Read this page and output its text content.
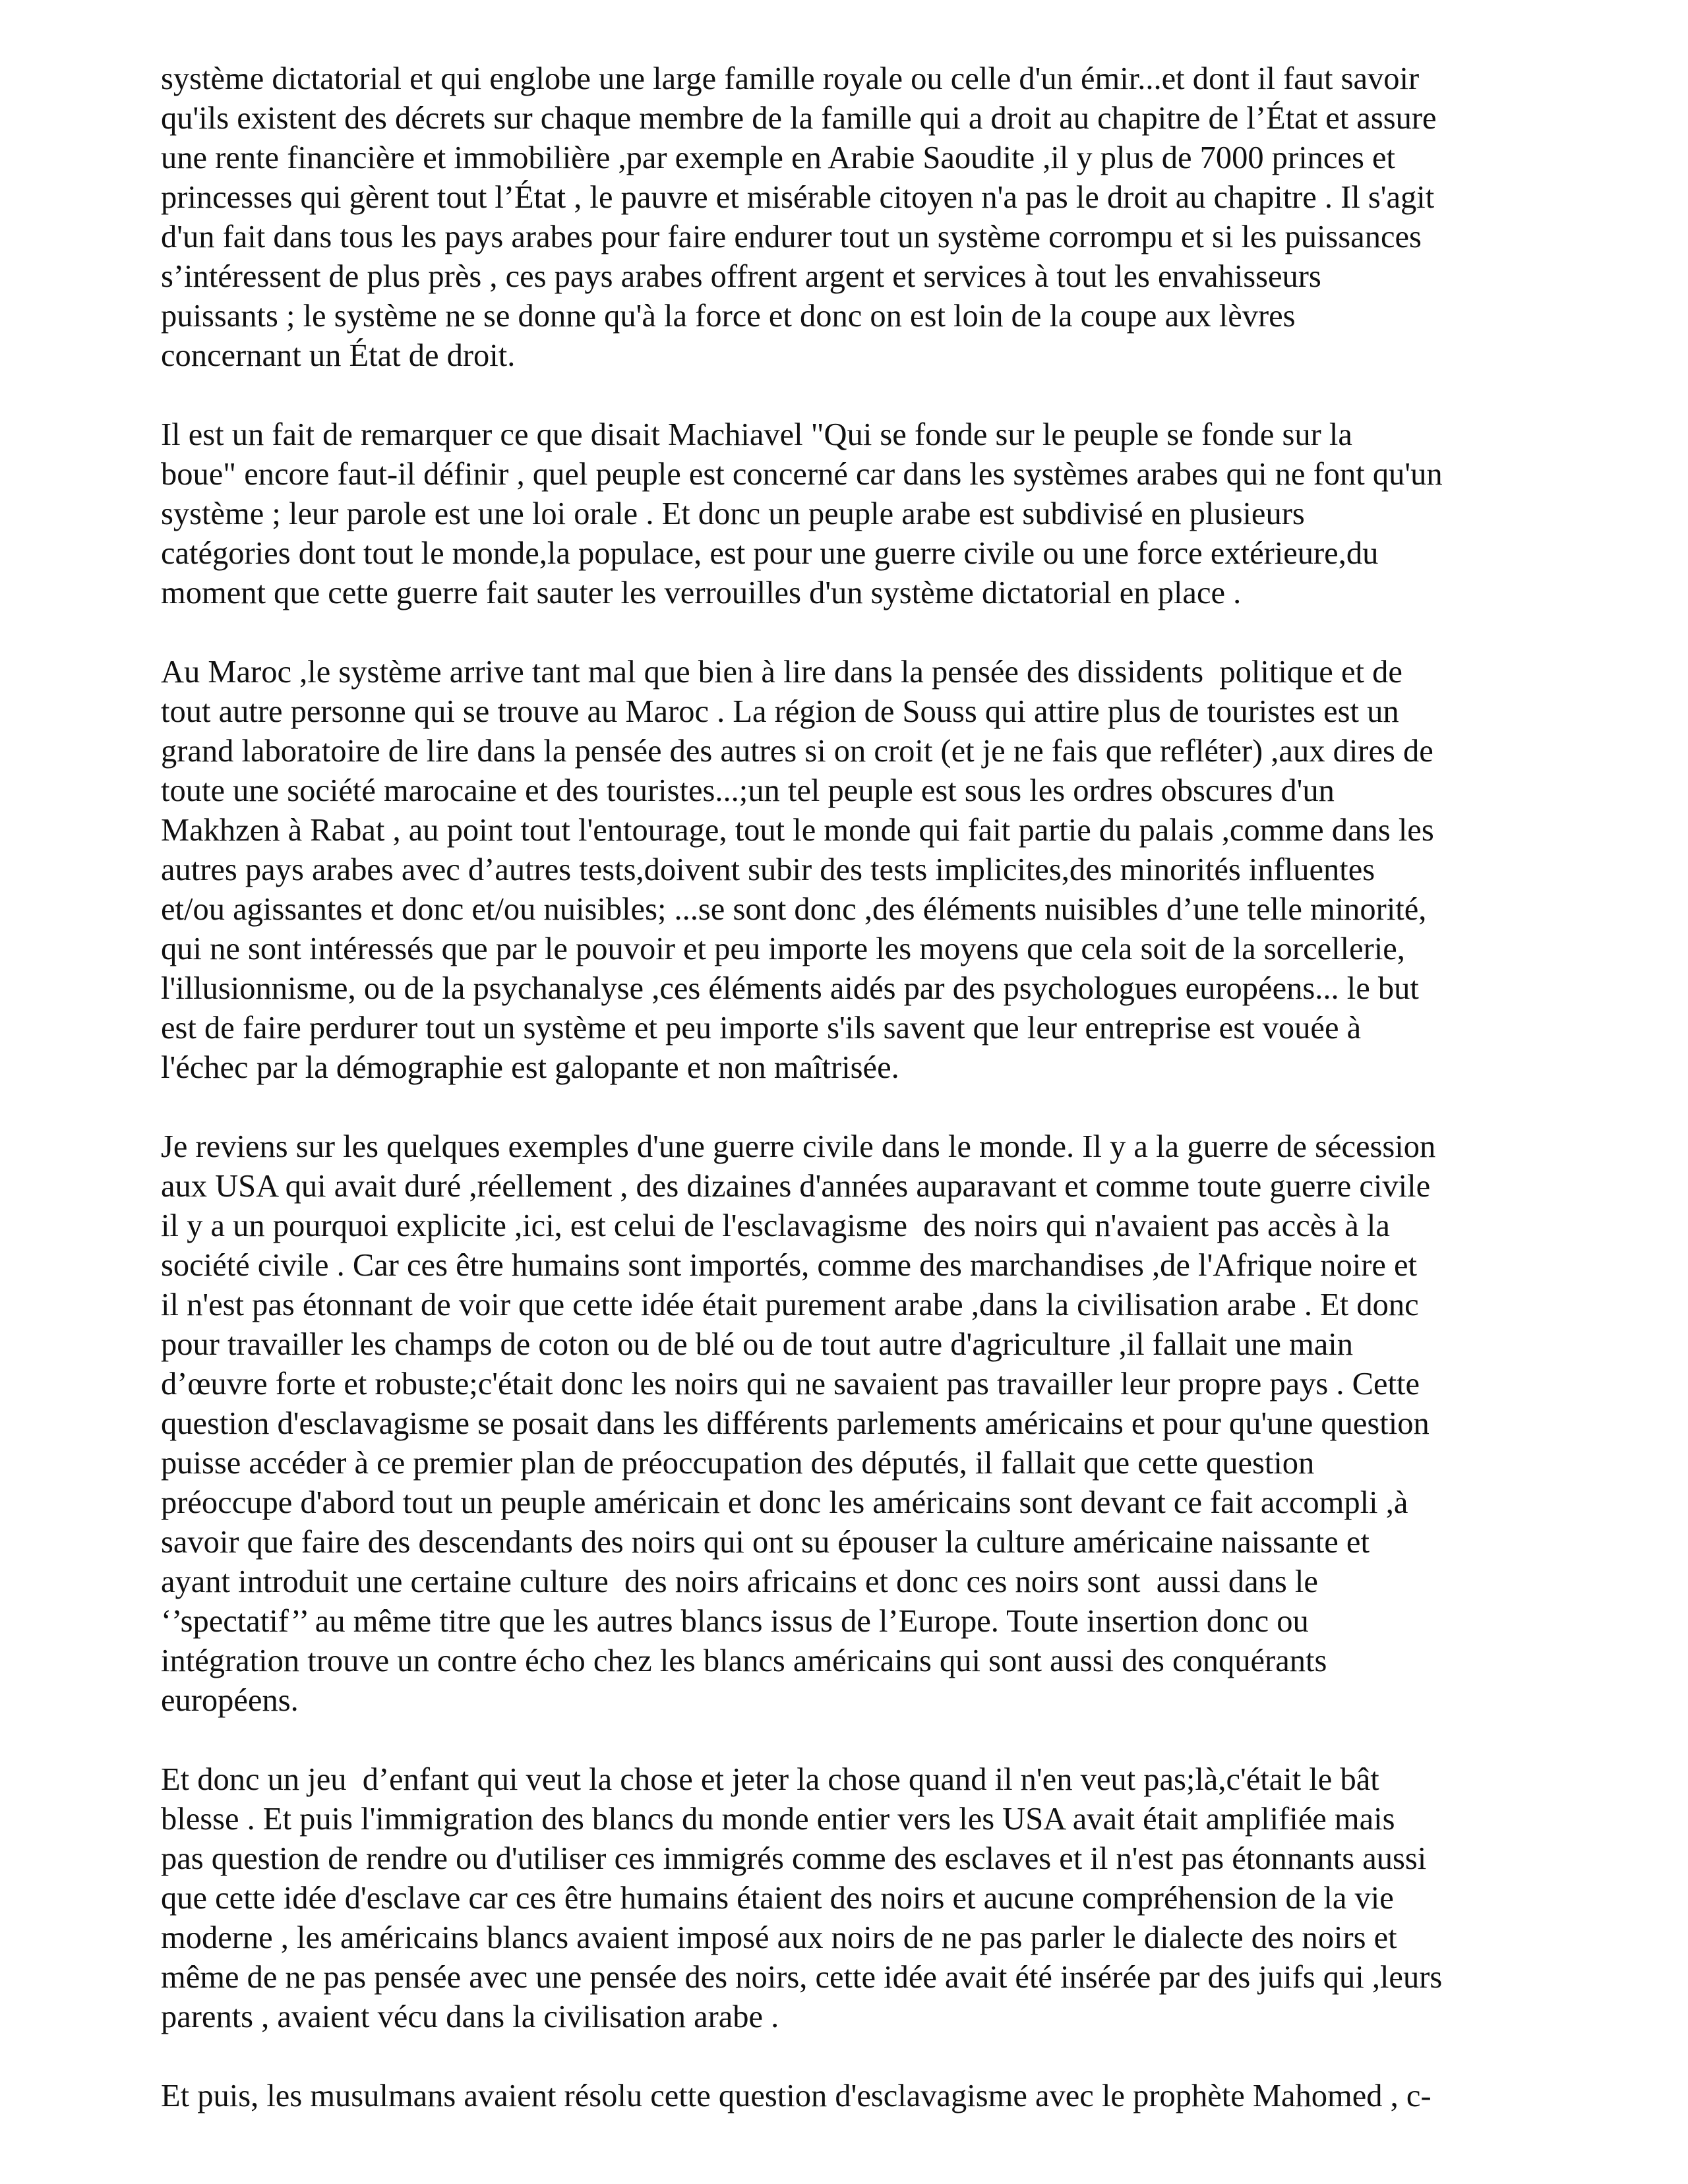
système dictatorial et qui englobe une large famille royale ou celle d'un émir...et dont il faut savoir
qu'ils existent des décrets sur chaque membre de la famille qui a droit au chapitre de l’État et assure
une rente financière et immobilière ,par exemple en Arabie Saoudite ,il y plus de 7000 princes et
princesses qui gèrent tout l’État , le pauvre et misérable citoyen n'a pas le droit au chapitre . Il s'agit
d'un fait dans tous les pays arabes pour faire endurer tout un système corrompu et si les puissances
s’intéressent de plus près , ces pays arabes offrent argent et services à tout les envahisseurs
puissants ; le système ne se donne qu'à la force et donc on est loin de la coupe aux lèvres
concernant un État de droit.

Il est un fait de remarquer ce que disait Machiavel "Qui se fonde sur le peuple se fonde sur la
boue" encore faut-il définir , quel peuple est concerné car dans les systèmes arabes qui ne font qu'un
système ; leur parole est une loi orale . Et donc un peuple arabe est subdivisé en plusieurs
catégories dont tout le monde,la populace, est pour une guerre civile ou une force extérieure,du
moment que cette guerre fait sauter les verrouilles d'un système dictatorial en place .

Au Maroc ,le système arrive tant mal que bien à lire dans la pensée des dissidents  politique et de
tout autre personne qui se trouve au Maroc . La région de Souss qui attire plus de touristes est un
grand laboratoire de lire dans la pensée des autres si on croit (et je ne fais que refléter) ,aux dires de
toute une société marocaine et des touristes...;un tel peuple est sous les ordres obscures d'un
Makhzen à Rabat , au point tout l'entourage, tout le monde qui fait partie du palais ,comme dans les
autres pays arabes avec d’autres tests,doivent subir des tests implicites,des minorités influentes
et/ou agissantes et donc et/ou nuisibles; ...se sont donc ,des éléments nuisibles d’une telle minorité,
qui ne sont intéressés que par le pouvoir et peu importe les moyens que cela soit de la sorcellerie,
l'illusionnisme, ou de la psychanalyse ,ces éléments aidés par des psychologues européens... le but
est de faire perdurer tout un système et peu importe s'ils savent que leur entreprise est vouée à
l'échec par la démographie est galopante et non maîtrisée.

Je reviens sur les quelques exemples d'une guerre civile dans le monde. Il y a la guerre de sécession
aux USA qui avait duré ,réellement , des dizaines d'années auparavant et comme toute guerre civile
il y a un pourquoi explicite ,ici, est celui de l'esclavagisme  des noirs qui n'avaient pas accès à la
société civile . Car ces être humains sont importés, comme des marchandises ,de l'Afrique noire et
il n'est pas étonnant de voir que cette idée était purement arabe ,dans la civilisation arabe . Et donc
pour travailler les champs de coton ou de blé ou de tout autre d'agriculture ,il fallait une main
d’œuvre forte et robuste;c'était donc les noirs qui ne savaient pas travailler leur propre pays . Cette
question d'esclavagisme se posait dans les différents parlements américains et pour qu'une question
puisse accéder à ce premier plan de préoccupation des députés, il fallait que cette question
préoccupe d'abord tout un peuple américain et donc les américains sont devant ce fait accompli ,à
savoir que faire des descendants des noirs qui ont su épouser la culture américaine naissante et
ayant introduit une certaine culture  des noirs africains et donc ces noirs sont  aussi dans le
‘’spectatif’’ au même titre que les autres blancs issus de l’Europe. Toute insertion donc ou
intégration trouve un contre écho chez les blancs américains qui sont aussi des conquérants
européens.

Et donc un jeu  d’enfant qui veut la chose et jeter la chose quand il n'en veut pas;là,c'était le bât
blesse . Et puis l'immigration des blancs du monde entier vers les USA avait était amplifiée mais
pas question de rendre ou d'utiliser ces immigrés comme des esclaves et il n'est pas étonnants aussi
que cette idée d'esclave car ces être humains étaient des noirs et aucune compréhension de la vie
moderne , les américains blancs avaient imposé aux noirs de ne pas parler le dialecte des noirs et
même de ne pas pensée avec une pensée des noirs, cette idée avait été insérée par des juifs qui ,leurs
parents , avaient vécu dans la civilisation arabe .

Et puis, les musulmans avaient résolu cette question d'esclavagisme avec le prophète Mahomed , c-
